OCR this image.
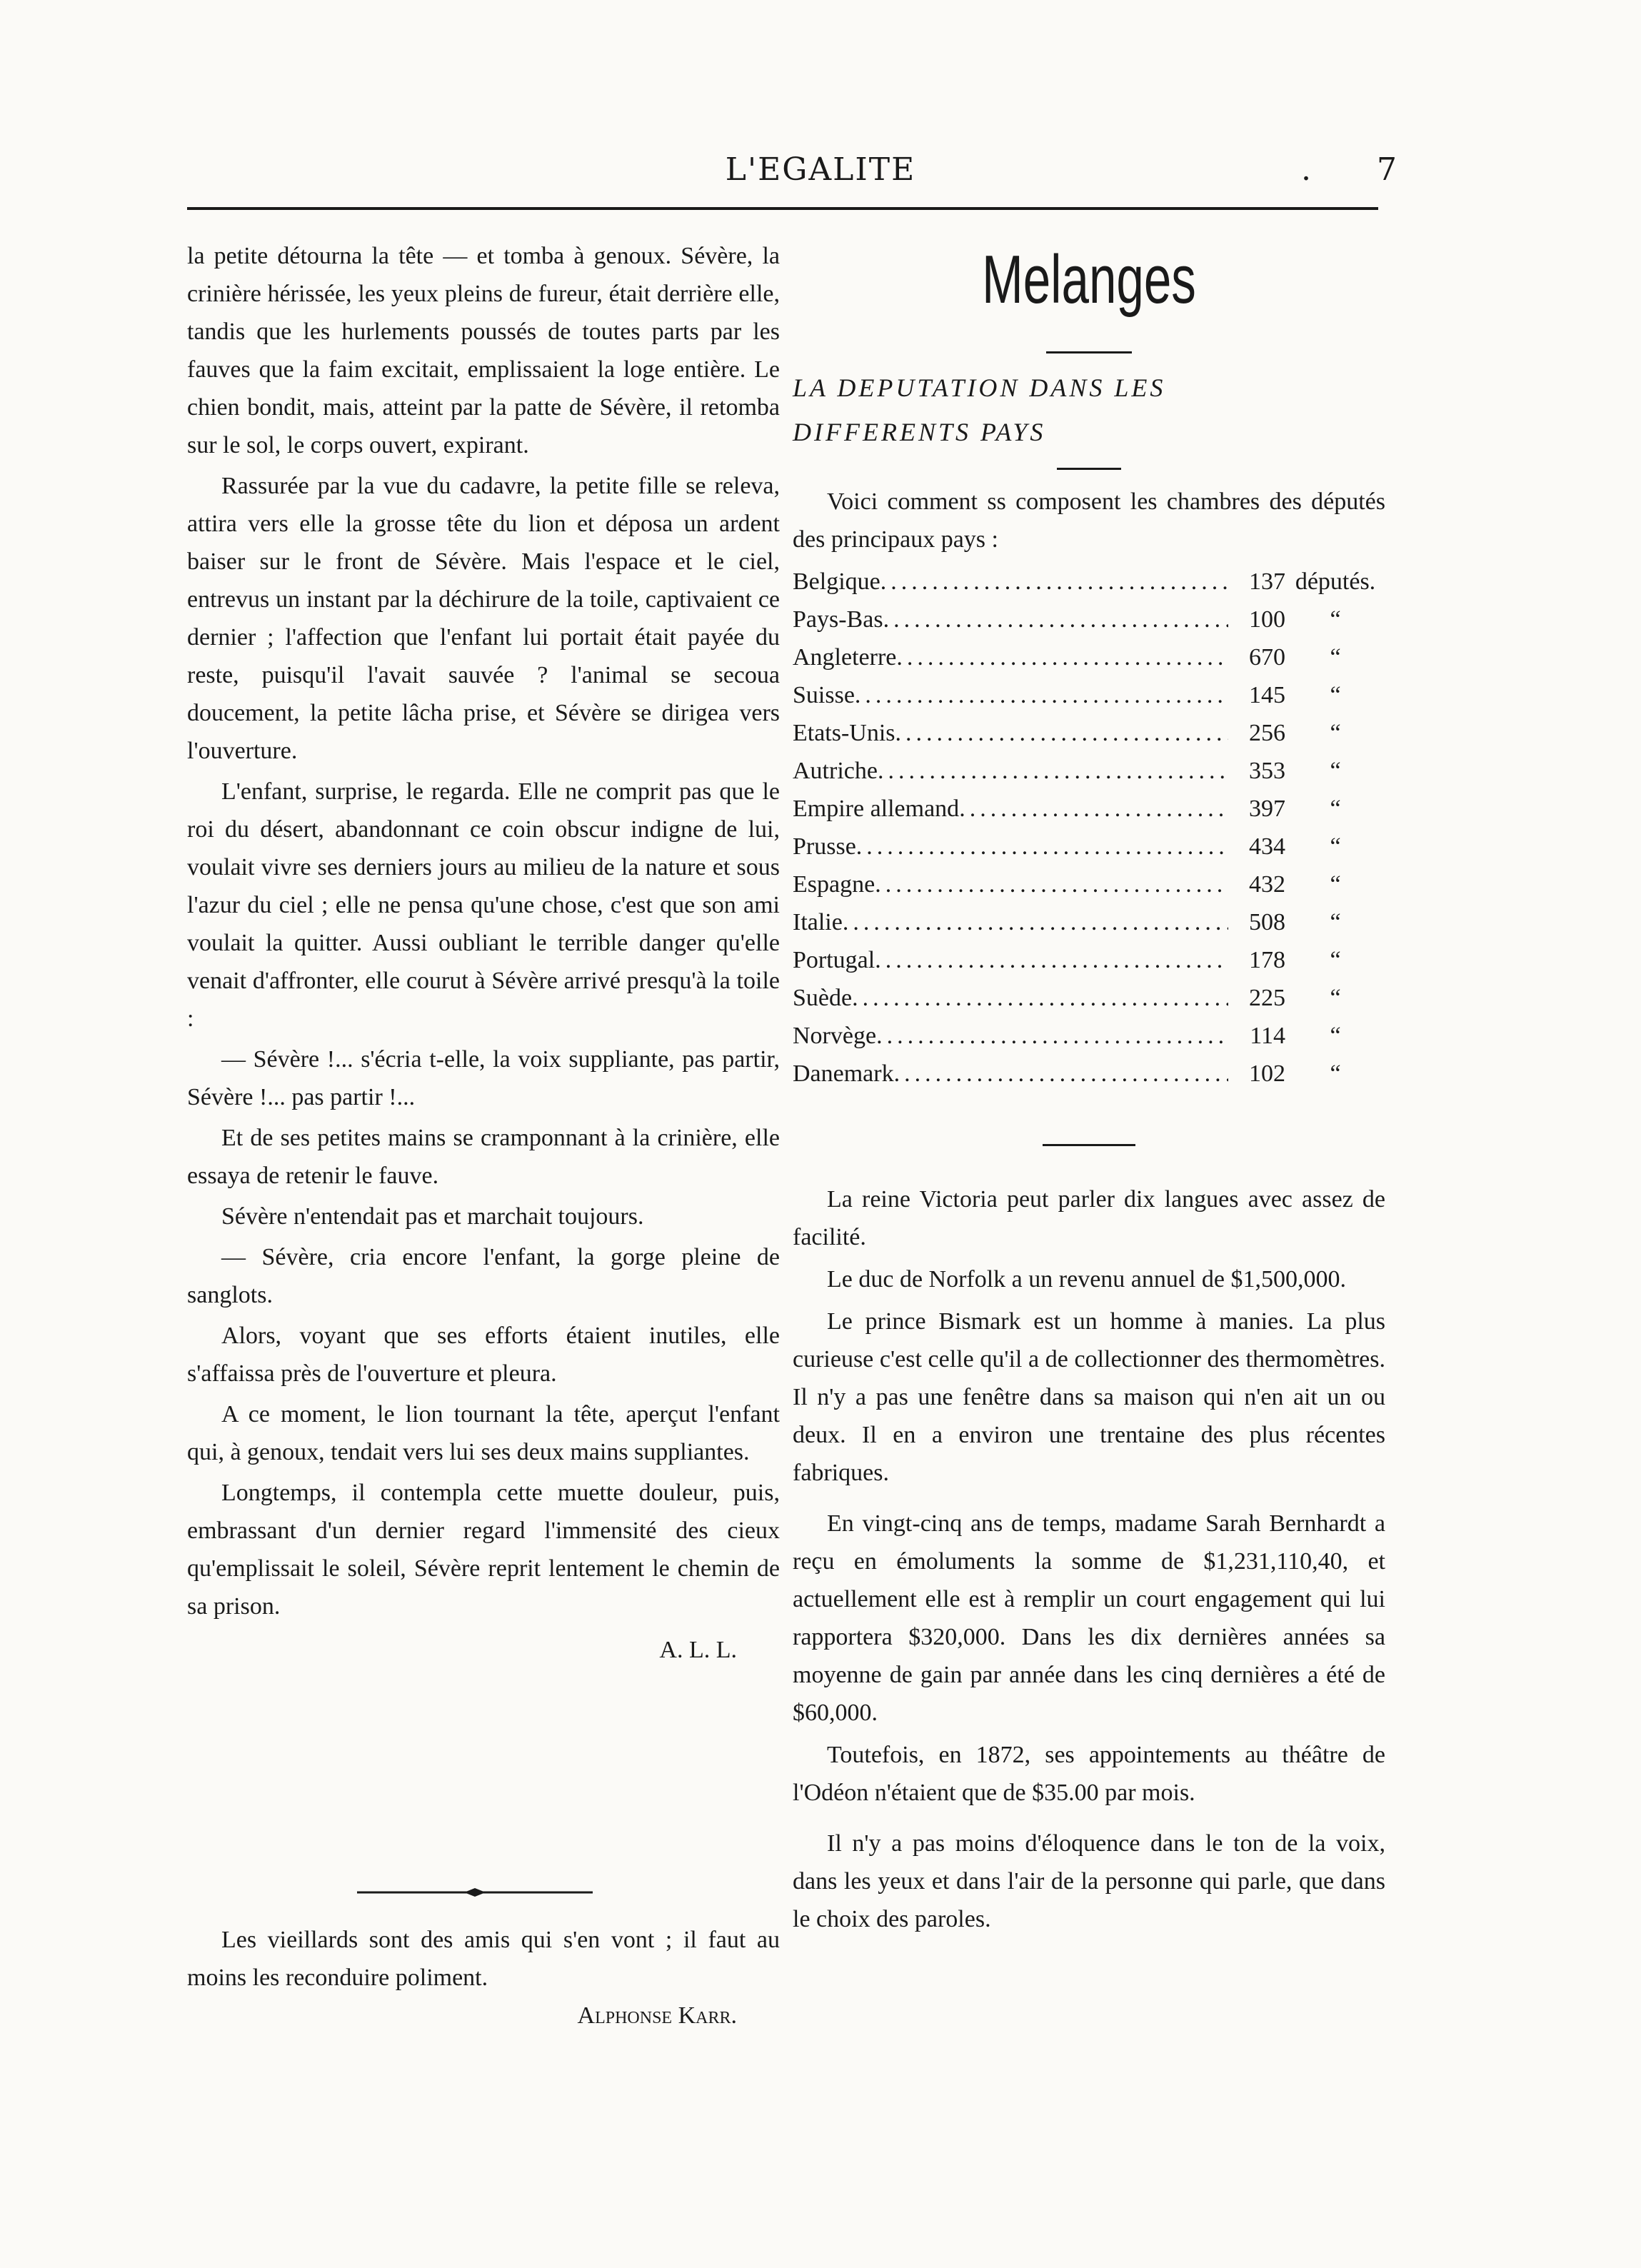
L'EGALITE	. 7

la petite détourna la tête — et tomba à genoux. Sévère, la crinière hérissée, les yeux pleins de fureur, était derrière elle, tandis que les hurlements poussés de toutes parts par les fauves que la faim excitait, emplissaient la loge entière. Le chien bondit, mais, atteint par la patte de Sévère, il retomba sur le sol, le corps ouvert, expirant.

Rassurée par la vue du cadavre, la petite fille se releva, attira vers elle la grosse tête du lion et déposa un ardent baiser sur le front de Sévère. Mais l'espace et le ciel, entrevus un instant par la déchirure de la toile, captivaient ce dernier ; l'affection que l'enfant lui portait était payée du reste, puisqu'il l'avait sauvée ? l'animal se secoua doucement, la petite lâcha prise, et Sévère se dirigea vers l'ouverture.

L'enfant, surprise, le regarda. Elle ne comprit pas que le roi du désert, abandonnant ce coin obscur indigne de lui, voulait vivre ses derniers jours au milieu de la nature et sous l'azur du ciel ; elle ne pensa qu'une chose, c'est que son ami voulait la quitter. Aussi oubliant le terrible danger qu'elle venait d'affronter, elle courut à Sévère arrivé presqu'à la toile :

— Sévère !... s'écria t-elle, la voix suppliante, pas partir, Sévère !... pas partir !...

Et de ses petites mains se cramponnant à la crinière, elle essaya de retenir le fauve.

Sévère n'entendait pas et marchait toujours.

— Sévère, cria encore l'enfant, la gorge pleine de sanglots.

Alors, voyant que ses efforts étaient inutiles, elle s'affaissa près de l'ouverture et pleura.

A ce moment, le lion tournant la tête, aperçut l'enfant qui, à genoux, tendait vers lui ses deux mains suppliantes.

Longtemps, il contempla cette muette douleur, puis, embrassant d'un dernier regard l'immensité des cieux qu'emplissait le soleil, Sévère reprit lentement le chemin de sa prison.

A. L. L.

Les vieillards sont des amis qui s'en vont ; il faut au moins les reconduire poliment.

Alphonse Karr.
Melanges

LA DEPUTATION DANS LES

DIFFERENTS PAYS

Voici comment ss composent les chambres des députés des principaux pays :

Belgique .....	137 députés.
Pays-Bas .....	100	“
Angleterre .....	670	“
Suisse .....	145	“
Etats-Unis .....	256	“
Autriche .....	353	“
Empire allemand .....	397	“
Prusse .....	434	“
Espagne .....	432	“
Italie .....	508	“
Portugal .....	178	“
Suède .....	225	“
Norvège .....	114	“
Danemark .....	102	“

La reine Victoria peut parler dix langues avec assez de facilité.

Le duc de Norfolk a un revenu annuel de $1,500,000.

Le prince Bismark est un homme à manies. La plus curieuse c'est celle qu'il a de collectionner des thermomètres. Il n'y a pas une fenêtre dans sa maison qui n'en ait un ou deux. Il en a environ une trentaine des plus récentes fabriques.

En vingt-cinq ans de temps, madame Sarah Bernhardt a reçu en émoluments la somme de $1,231,110,40, et actuellement elle est à remplir un court engagement qui lui rapportera $320,000. Dans les dix dernières années sa moyenne de gain par année dans les cinq dernières a été de $60,000.

Toutefois, en 1872, ses appointements au théâtre de l'Odéon n'étaient que de $35.00 par mois.

Il n'y a pas moins d'éloquence dans le ton de la voix, dans les yeux et dans l'air de la personne qui parle, que dans le choix des paroles.
